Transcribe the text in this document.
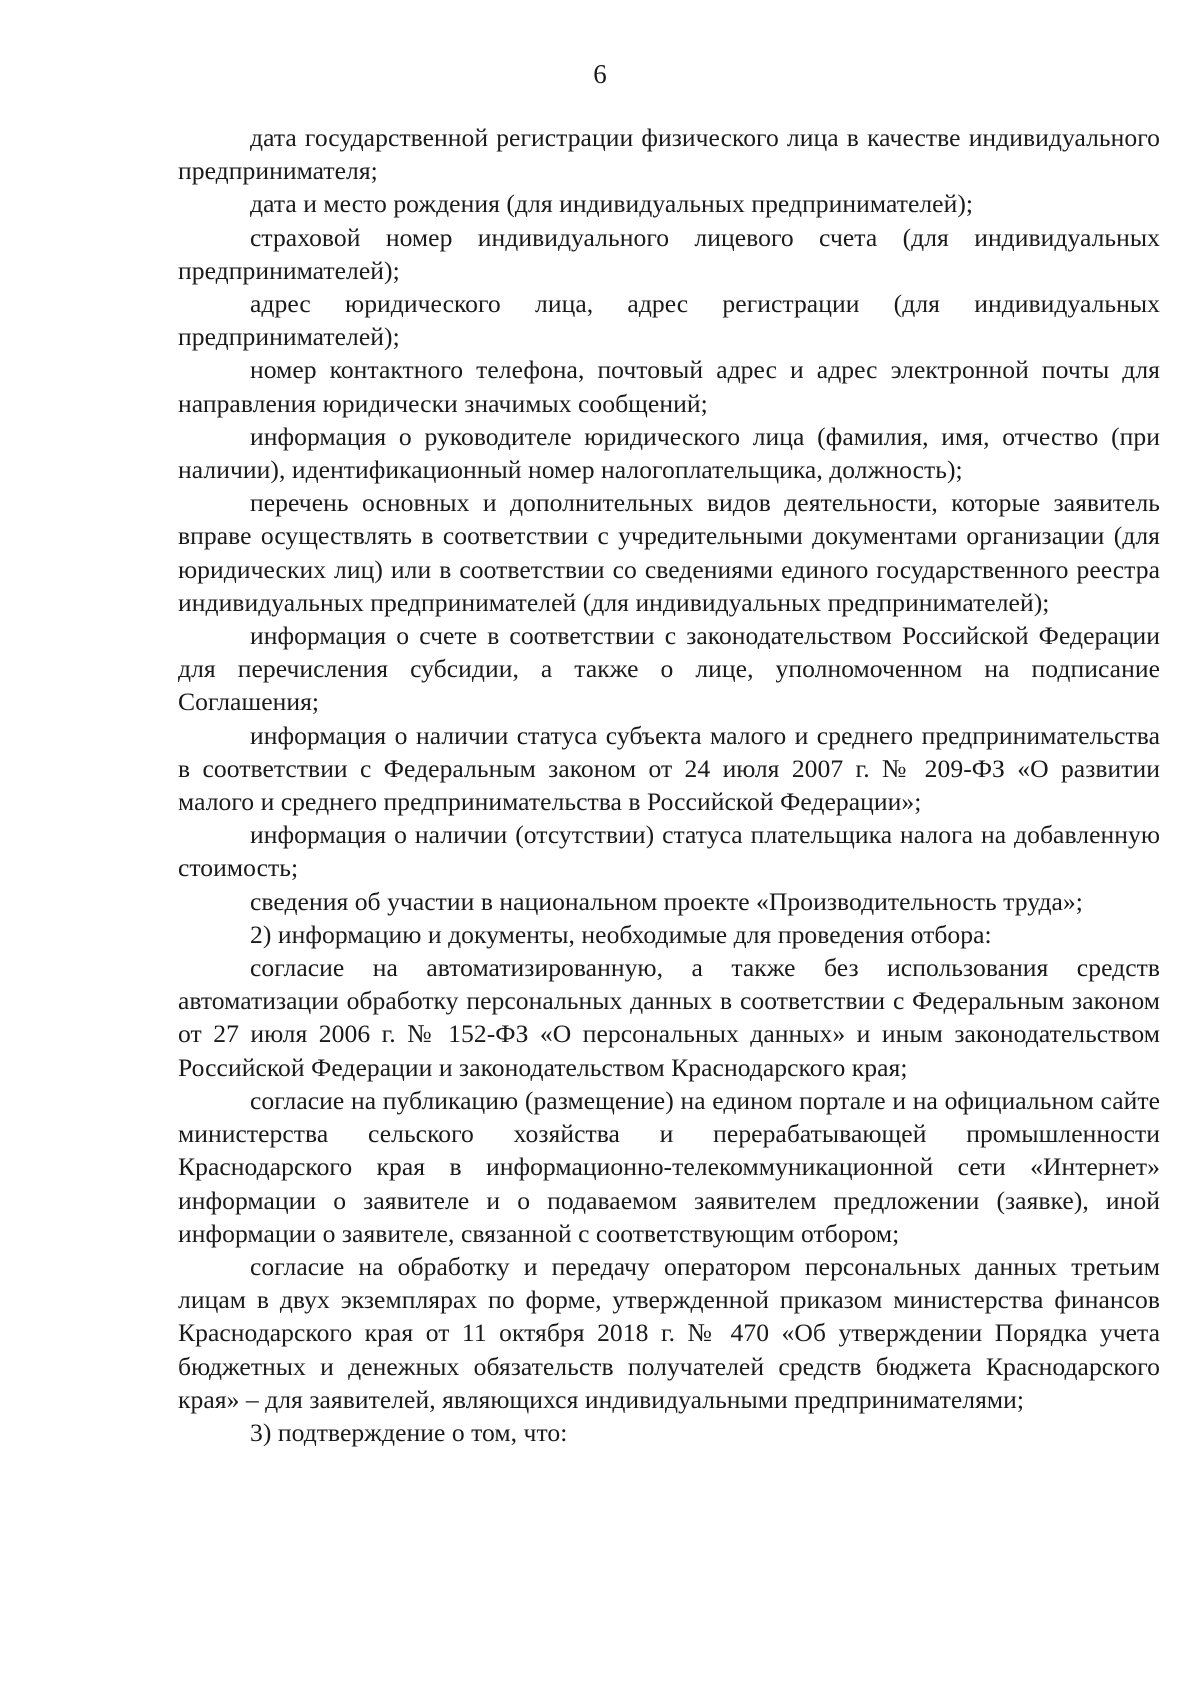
6

дата государственной регистрации физического лица в качестве индивидуального предпринимателя;

дата и место рождения (для индивидуальных предпринимателей);

страховой номер индивидуального лицевого счета (для индивидуальных предпринимателей);

адрес юридического лица, адрес регистрации (для индивидуальных предпринимателей);

номер контактного телефона, почтовый адрес и адрес электронной почты для направления юридически значимых сообщений;

информация о руководителе юридического лица (фамилия, имя, отчество (при наличии), идентификационный номер налогоплательщика, должность);

перечень основных и дополнительных видов деятельности, которые заявитель вправе осуществлять в соответствии с учредительными документами организации (для юридических лиц) или в соответствии со сведениями единого государственного реестра индивидуальных предпринимателей (для индивидуальных предпринимателей);

информация о счете в соответствии с законодательством Российской Федерации для перечисления субсидии, а также о лице, уполномоченном на подписание Соглашения;

информация о наличии статуса субъекта малого и среднего предпринимательства в соответствии с Федеральным законом от 24 июля 2007 г. № 209-ФЗ «О развитии малого и среднего предпринимательства в Российской Федерации»;

информация о наличии (отсутствии) статуса плательщика налога на добавленную стоимость;

сведения об участии в национальном проекте «Производительность труда»;

2) информацию и документы, необходимые для проведения отбора:

согласие на автоматизированную, а также без использования средств автоматизации обработку персональных данных в соответствии с Федеральным законом от 27 июля 2006 г. № 152-ФЗ «О персональных данных» и иным законодательством Российской Федерации и законодательством Краснодарского края;

согласие на публикацию (размещение) на едином портале и на официальном сайте министерства сельского хозяйства и перерабатывающей промышленности Краснодарского края в информационно-телекоммуникационной сети «Интернет» информации о заявителе и о подаваемом заявителем предложении (заявке), иной информации о заявителе, связанной с соответствующим отбором;

согласие на обработку и передачу оператором персональных данных третьим лицам в двух экземплярах по форме, утвержденной приказом министерства финансов Краснодарского края от 11 октября 2018 г. № 470 «Об утверждении Порядка учета бюджетных и денежных обязательств получателей средств бюджета Краснодарского края» – для заявителей, являющихся индивидуальными предпринимателями;

3) подтверждение о том, что:
